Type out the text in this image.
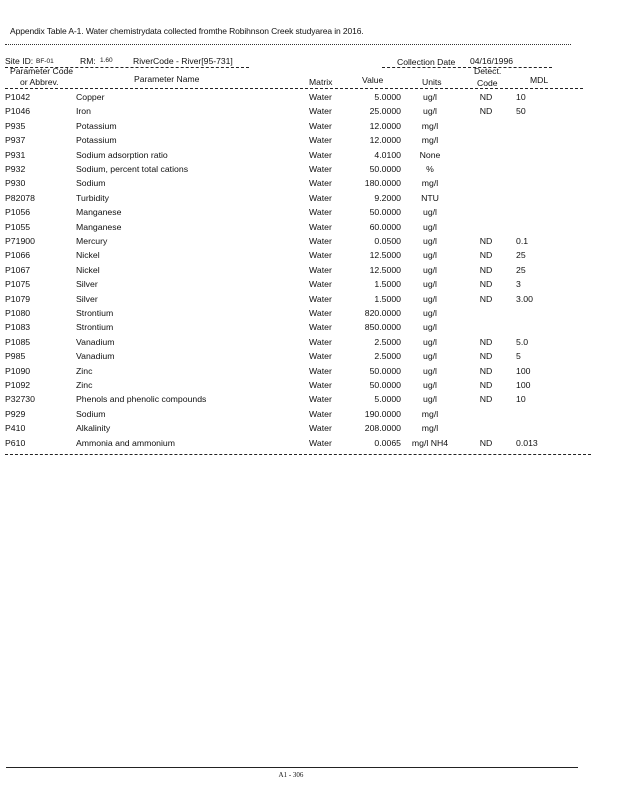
Appendix Table A-1. Water chemistrydata collected fromthe Robihnson Creek studyarea in 2016.
Site ID: BF-01	RM: 1.60 RiverCode - River[95-731]	Collection Date 04/16/1996
Parameter Code
or Abbrev.	Parameter Name	Matrix	Value	Units
Detect.
Code	MDL
P1042	Copper	Water	5.0000	ug/l	ND	10
P1046	Iron	Water	25.0000	ug/l	ND	50
P935	Potassium	Water	12.0000	mg/l
P937	Potassium	Water	12.0000	mg/l
P931	Sodium adsorption ratio	Water	4.0100	None
P932	Sodium, percent total cations	Water	50.0000	%
P930	Sodium	Water	180.0000	mg/l
P82078	Turbidity	Water	9.2000	NTU
P1056	Manganese	Water	50.0000	ug/l
P1055	Manganese	Water	60.0000	ug/l
P71900	Mercury	Water	0.0500	ug/l	ND	0.1
P1066	Nickel	Water	12.5000	ug/l	ND	25
P1067	Nickel	Water	12.5000	ug/l	ND	25
P1075	Silver	Water	1.5000	ug/l	ND	3
P1079	Silver	Water	1.5000	ug/l	ND	3.00
P1080	Strontium	Water	820.0000	ug/l
P1083	Strontium	Water	850.0000	ug/l
P1085	Vanadium	Water	2.5000	ug/l	ND	5.0
P985	Vanadium	Water	2.5000	ug/l	ND	5
P1090	Zinc	Water	50.0000	ug/l	ND	100
P1092	Zinc	Water	50.0000	ug/l	ND	100
P32730	Phenols and phenolic compounds	Water	5.0000	ug/l	ND	10
P929	Sodium	Water	190.0000	mg/l
P410	Alkalinity	Water	208.0000	mg/l
P610	Ammonia and ammonium	Water	0.0065 mg/l NH4	ND	0.013
A1 - 306
